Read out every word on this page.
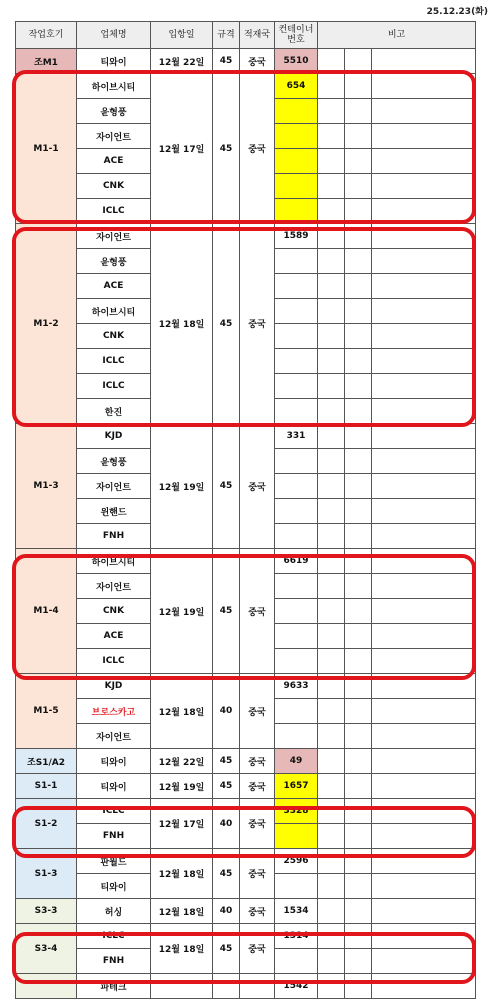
25.12.23(화)
작업호기	업체명	입항일	규격	적재국	컨테이너 번호	비고		
조M1	티와이	12월 22일	45	중국	5510			
M1-1	하이브시티	12월 17일	45	중국	654			
	윤형풍							
	자이언트							
	ACE							
	CNK							
	ICLC							
M1-2	자이언트	12월 18일	45	중국	1589			
	윤형풍							
	ACE							
	하이브시티							
	CNK							
	ICLC							
	ICLC							
	한진							
M1-3	KJD	12월 19일	45	중국	331			
	윤형풍							
	자이언트							
	윈핸드							
	FNH							
M1-4	하이브시티	12월 19일	45	중국	6619			
	자이언트							
	CNK							
	ACE							
	ICLC							
M1-5	KJD	12월 18일	40	중국	9633			
	브로스카고							
	자이언트							
조S1/A2	티와이	12월 22일	45	중국	49			
S1-1	티와이	12월 19일	45	중국	1657			
S1-2	ICLC	12월 17일	40	중국	3328			
	FNH							
S1-3	판월드	12월 18일	45	중국	2596			
	티와이							
S3-3	허싱	12월 18일	40	중국	1534			
S3-4	ICLC	12월 18일	45	중국	1314			
	FNH							
	파테크				1542			
